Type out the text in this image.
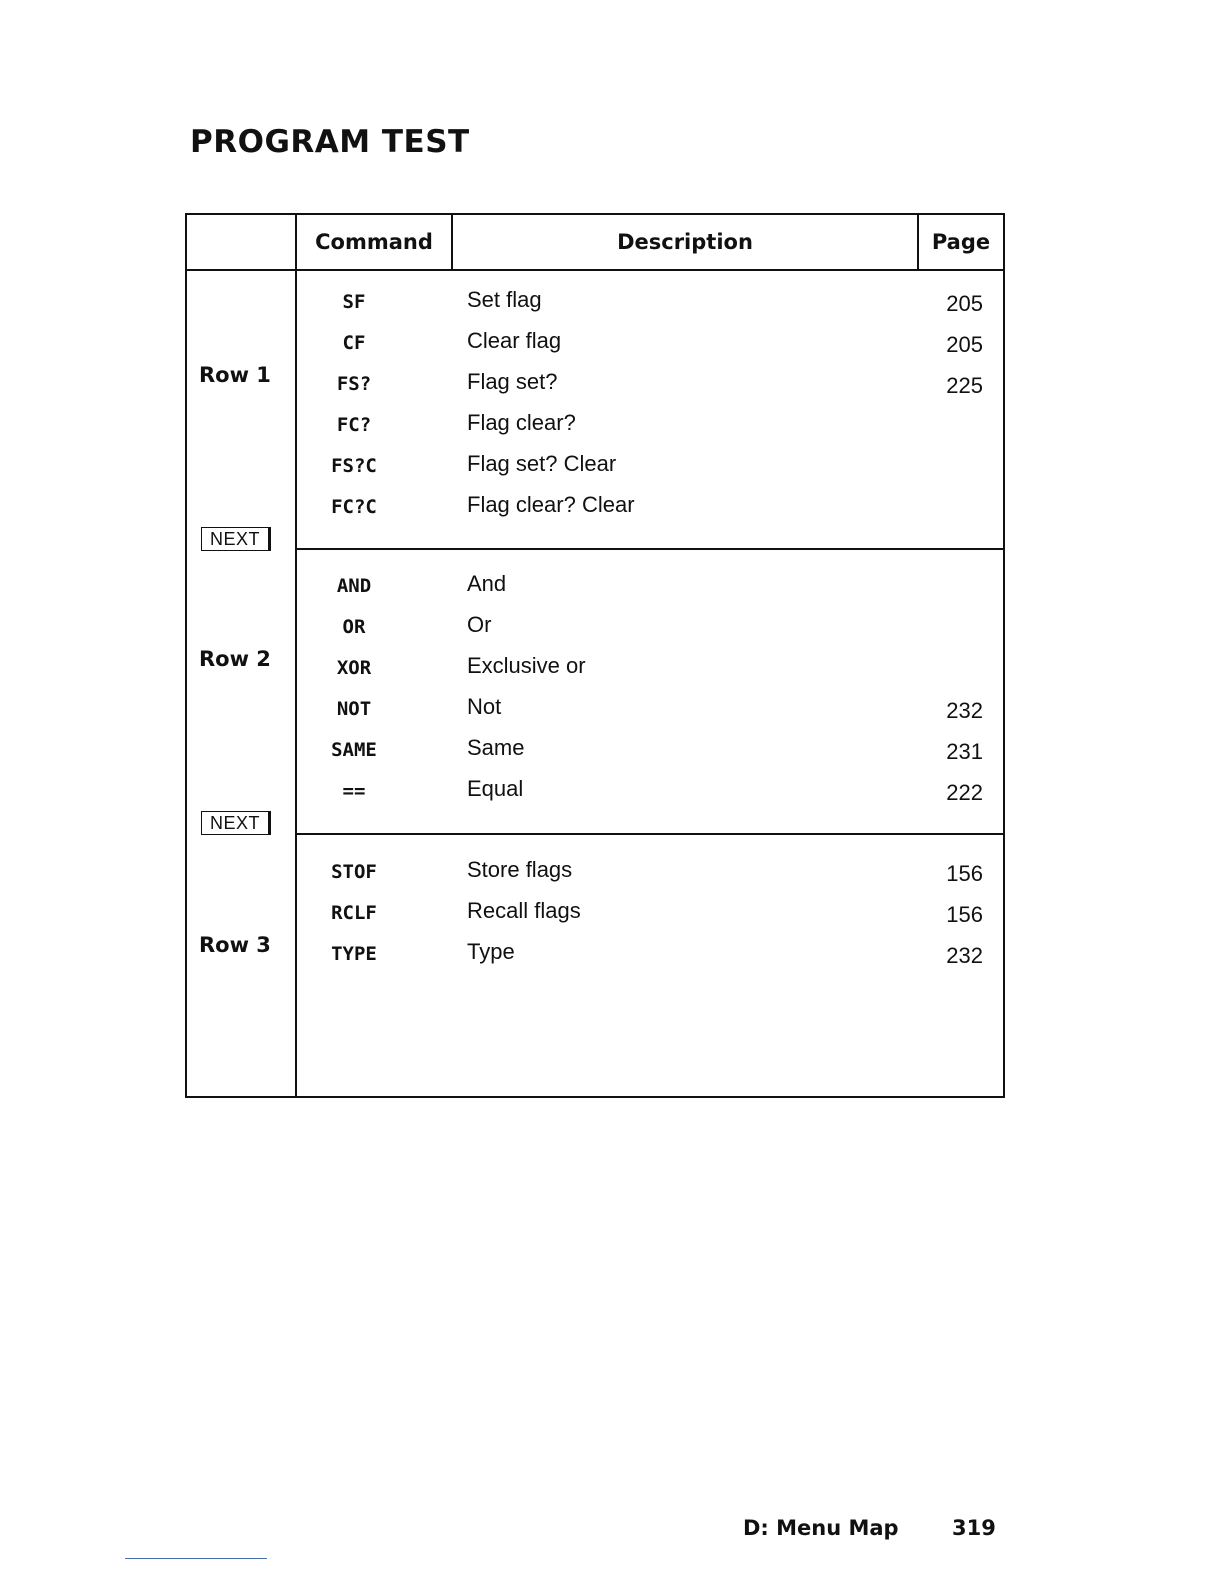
PROGRAM TEST
Command	Description	Page
Row 1
NEXT
Row 2
NEXT
Row 3
SF	Set flag	205
CF	Clear flag	205
FS?	Flag set?	225
FC?	Flag clear?
FS?C	Flag set? Clear
FC?C	Flag clear? Clear
AND	And
OR	Or
XOR	Exclusive or
NOT	Not	232
SAME	Same	231
==	Equal	222
STOF	Store flags	156
RCLF	Recall flags	156
TYPE	Type	232
D: Menu Map	319
